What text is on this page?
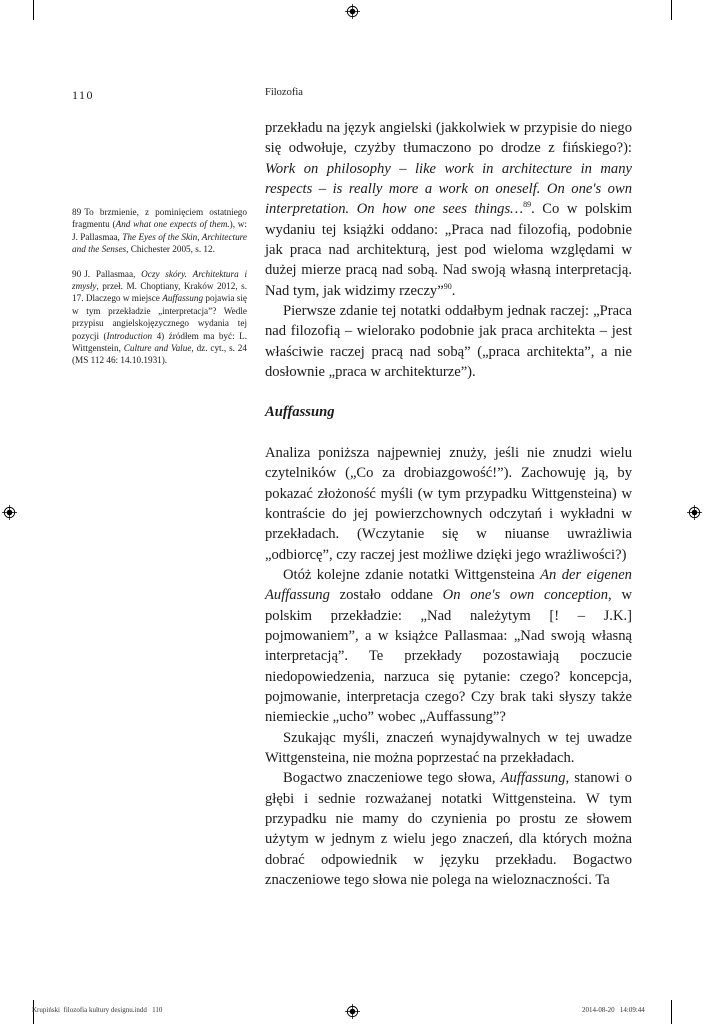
110	Filozofia

89 To brzmienie, z pominięciem ostatniego fragmentu (And what one expects of them.), w: J. Pallasmaa, The Eyes of the Skin, Architecture and the Senses, Chichester 2005, s. 12.

90 J. Pallasmaa, Oczy skóry. Architektura i zmysły, przeł. M. Choptiany, Kraków 2012, s. 17. Dlaczego w miejsce Auffassung pojawia się w tym przekładzie „interpretacja”? Wedle przypisu angielskojęzycznego wydania tej pozycji (Introduction 4) źródłem ma być: L. Wittgenstein, Culture and Value, dz. cyt., s. 24 (MS 112 46: 14.10.1931).

przekładu na język angielski (jakkolwiek w przypisie do niego się odwołuje, czyżby tłumaczono po drodze z fińskiego?): Work on philosophy – like work in architecture in many respects – is really more a work on oneself. On one's own interpretation. On how one sees things…$^{89}$. Co w polskim wydaniu tej książki oddano: „Praca nad filozofią, podobnie jak praca nad architekturą, jest pod wieloma względami w dużej mierze pracą nad sobą. Nad swoją własną interpretacją. Nad tym, jak widzimy rzeczy”$^{90}$.

Pierwsze zdanie tej notatki oddałbym jednak raczej: „Praca nad filozofią – wielorako podobnie jak praca architekta – jest właściwie raczej pracą nad sobą” („praca architekta”, a nie dosłownie „praca w architekturze”).

Auffassung

Analiza poniższa najpewniej znuży, jeśli nie znudzi wielu czytelników („Co za drobiazgowość!”). Zachowuję ją, by pokazać złożoność myśli (w tym przypadku Wittgensteina) w kontraście do jej powierzchownych odczytań i wykładni w przekładach. (Wczytanie się w niuanse uwrażliwia „odbiorcę”, czy raczej jest możliwe dzięki jego wrażliwości?)

Otóż kolejne zdanie notatki Wittgensteina An der eigenen Auffassung zostało oddane On one's own conception, w polskim przekładzie: „Nad należytym [! – J.K.] pojmowaniem”, a w książce Pallasmaa: „Nad swoją własną interpretacją”. Te przekłady pozostawiają poczucie niedopowiedzenia, narzuca się pytanie: czego? koncepcja, pojmowanie, interpretacja czego? Czy brak taki słyszy także niemieckie „ucho” wobec „Auffassung”?

Szukając myśli, znaczeń wynajdywalnych w tej uwadze Wittgensteina, nie można poprzestać na przekładach.

Bogactwo znaczeniowe tego słowa, Auffassung, stanowi o głębi i sednie rozważanej notatki Wittgensteina. W tym przypadku nie mamy do czynienia po prostu ze słowem użytym w jednym z wielu jego znaczeń, dla których można dobrać odpowiednik w języku przekładu. Bogactwo znaczeniowe tego słowa nie polega na wieloznaczności. Ta

Krupiński  filozofia kultury designu.indd   110	2014-08-20   14:09:44
